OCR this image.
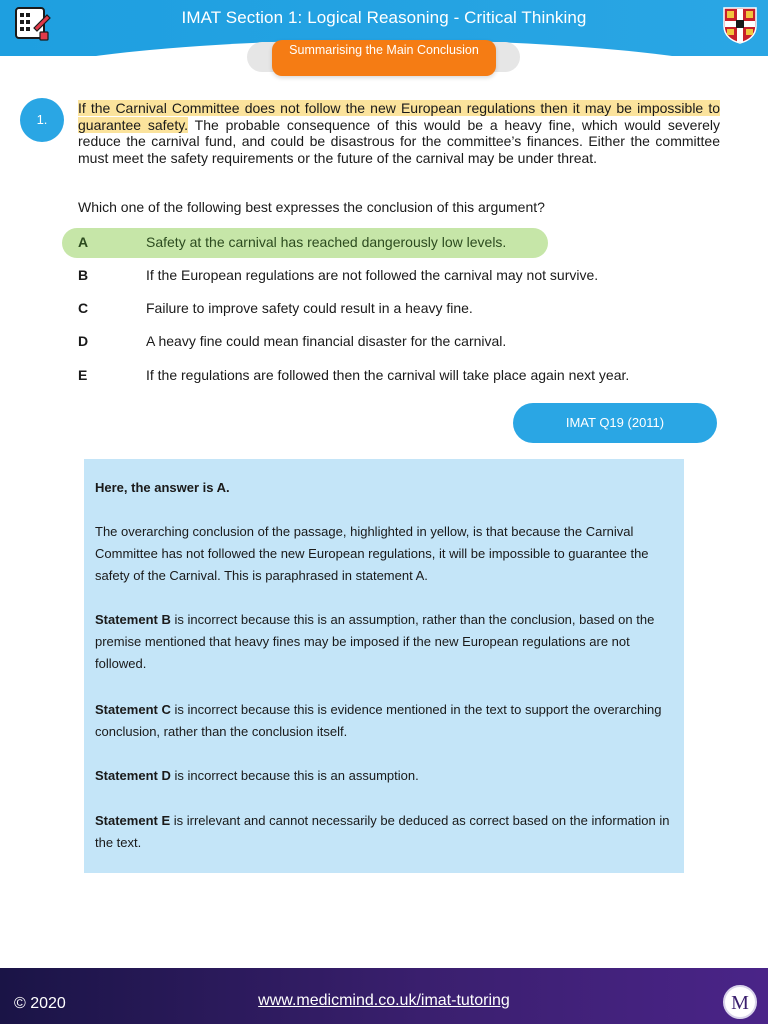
IMAT Section 1: Logical Reasoning - Critical Thinking
Summarising the Main Conclusion
1.
If the Carnival Committee does not follow the new European regulations then it may be impossible to guarantee safety. The probable consequence of this would be a heavy fine, which would severely reduce the carnival fund, and could be disastrous for the committee’s finances. Either the committee must meet the safety requirements or the future of the carnival may be under threat.
Which one of the following best expresses the conclusion of this argument?
A	Safety at the carnival has reached dangerously low levels.
B	If the European regulations are not followed the carnival may not survive.
C	Failure to improve safety could result in a heavy fine.
D	A heavy fine could mean financial disaster for the carnival.
E	If the regulations are followed then the carnival will take place again next year.
IMAT Q19 (2011)
Here, the answer is A.
The overarching conclusion of the passage, highlighted in yellow, is that because the Carnival Committee has not followed the new European regulations, it will be impossible to guarantee the safety of the Carnival. This is paraphrased in statement A.
Statement B is incorrect because this is an assumption, rather than the conclusion, based on the premise mentioned that heavy fines may be imposed if the new European regulations are not followed.
Statement C is incorrect because this is evidence mentioned in the text to support the overarching conclusion, rather than the conclusion itself.
Statement D is incorrect because this is an assumption.
Statement E is irrelevant and cannot necessarily be deduced as correct based on the information in the text.
© 2020	www.medicmind.co.uk/imat-tutoring	M
